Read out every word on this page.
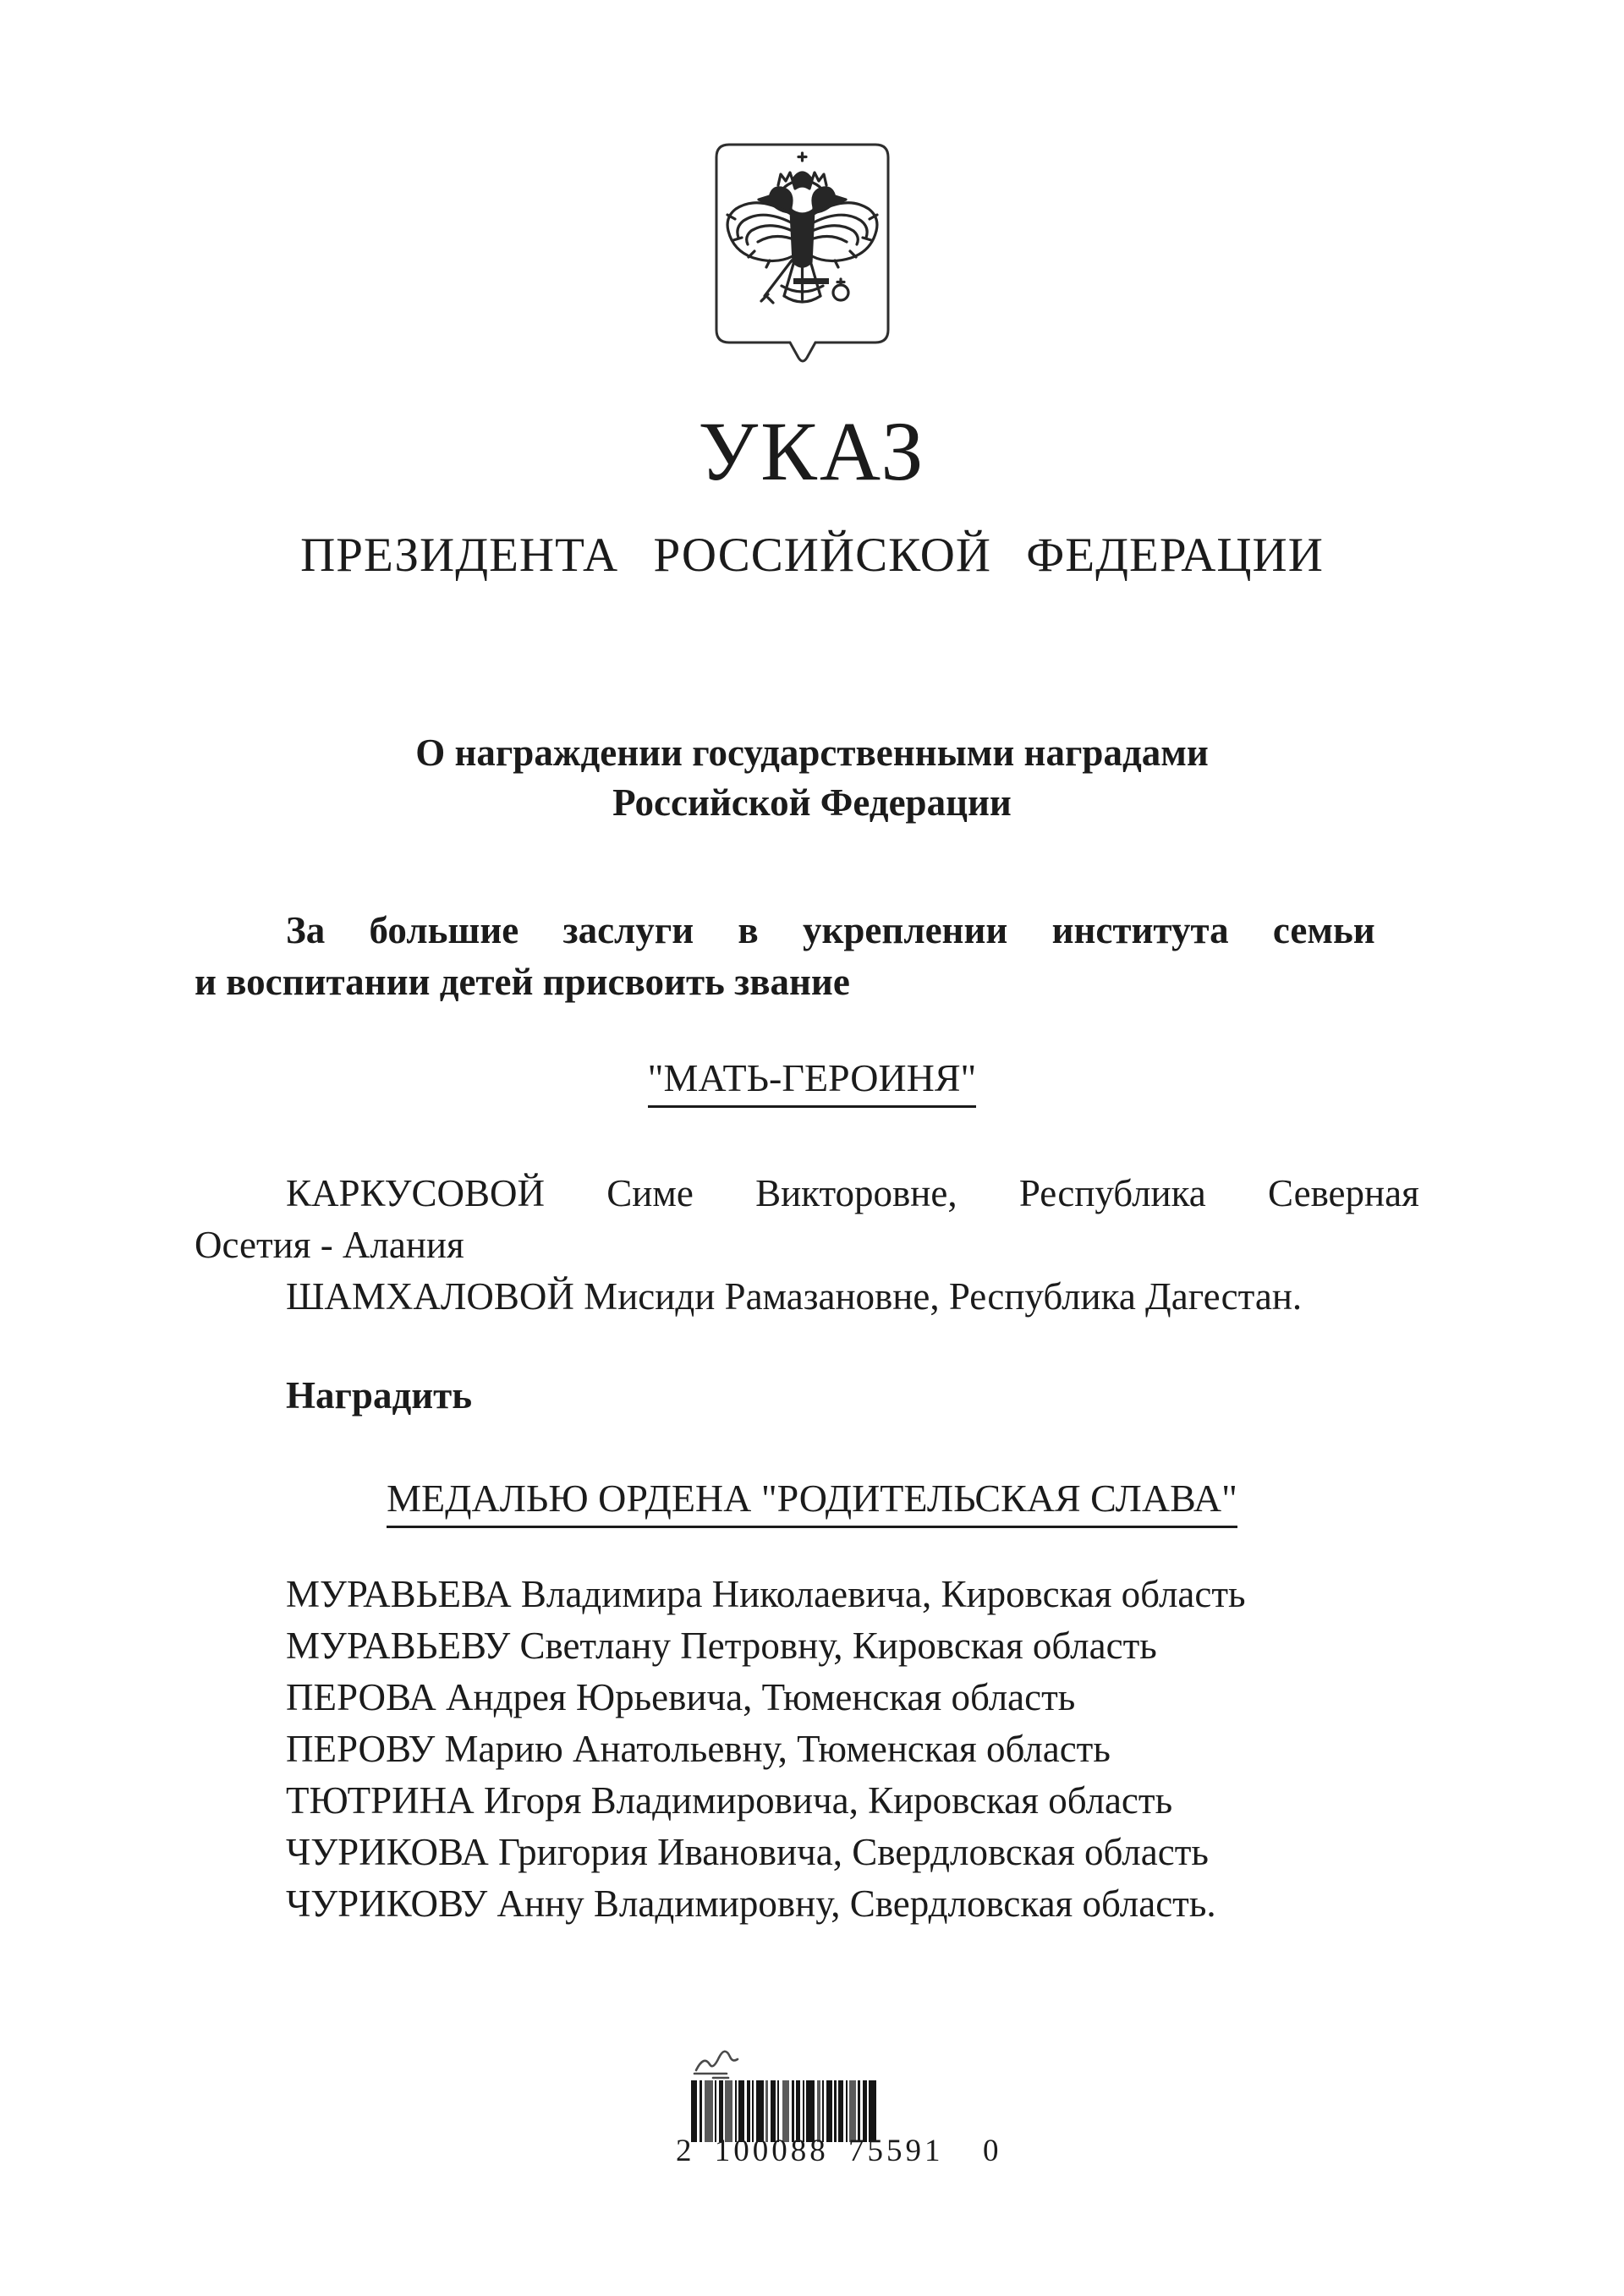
УКАЗ
ПРЕЗИДЕНТА РОССИЙСКОЙ ФЕДЕРАЦИИ
О награждении государственными наградами
Российской Федерации
За большие заслуги в укреплении института семьи
и воспитании детей присвоить звание
"МАТЬ-ГЕРОИНЯ"
КАРКУСОВОЙ Симе Викторовне, Республика Северная
Осетия - Алания
ШАМХАЛОВОЙ Мисиди Рамазановне, Республика Дагестан.
Наградить
МЕДАЛЬЮ ОРДЕНА "РОДИТЕЛЬСКАЯ СЛАВА"
МУРАВЬЕВА Владимира Николаевича, Кировская область
МУРАВЬЕВУ Светлану Петровну, Кировская область
ПЕРОВА Андрея Юрьевича, Тюменская область
ПЕРОВУ Марию Анатольевну, Тюменская область
ТЮТРИНА Игоря Владимировича, Кировская область
ЧУРИКОВА Григория Ивановича, Свердловская область
ЧУРИКОВУ Анну Владимировну, Свердловская область.
2 100088 75591  0
